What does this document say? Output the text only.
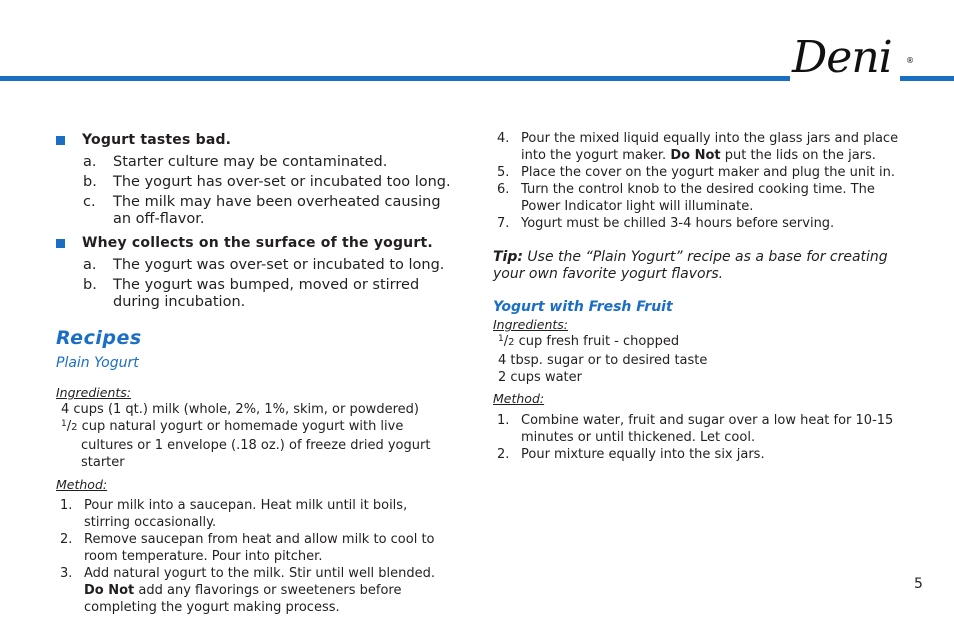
Deni ®
Yogurt tastes bad.
a.	Starter culture may be contaminated.
b.	The yogurt has over-set or incubated too long.
c.	The milk may have been overheated causing an off-flavor.
Whey collects on the surface of the yogurt.
a.	The yogurt was over-set or incubated to long.
b.	The yogurt was bumped, moved or stirred during incubation.
Recipes
Plain Yogurt
Ingredients:
4 cups (1 qt.) milk (whole, 2%, 1%, skim, or powdered)
$^1$/2 cup natural yogurt or homemade yogurt with live cultures or 1 envelope (.18 oz.) of freeze dried yogurt starter
Method:
1. Pour milk into a saucepan. Heat milk until it boils, stirring occasionally.
2. Remove saucepan from heat and allow milk to cool to room temperature. Pour into pitcher.
3. Add natural yogurt to the milk. Stir until well blended. Do Not add any flavorings or sweeteners before completing the yogurt making process.
4. Pour the mixed liquid equally into the glass jars and place into the yogurt maker. Do Not put the lids on the jars.
5. Place the cover on the yogurt maker and plug the unit in.
6. Turn the control knob to the desired cooking time. The Power Indicator light will illuminate.
7. Yogurt must be chilled 3-4 hours before serving.
Tip: Use the “Plain Yogurt” recipe as a base for creating your own favorite yogurt flavors.
Yogurt with Fresh Fruit
Ingredients:
$^1$/2 cup fresh fruit - chopped
4 tbsp. sugar or to desired taste
2 cups water
Method:
1. Combine water, fruit and sugar over a low heat for 10-15 minutes or until thickened. Let cool.
2. Pour mixture equally into the six jars.
5
